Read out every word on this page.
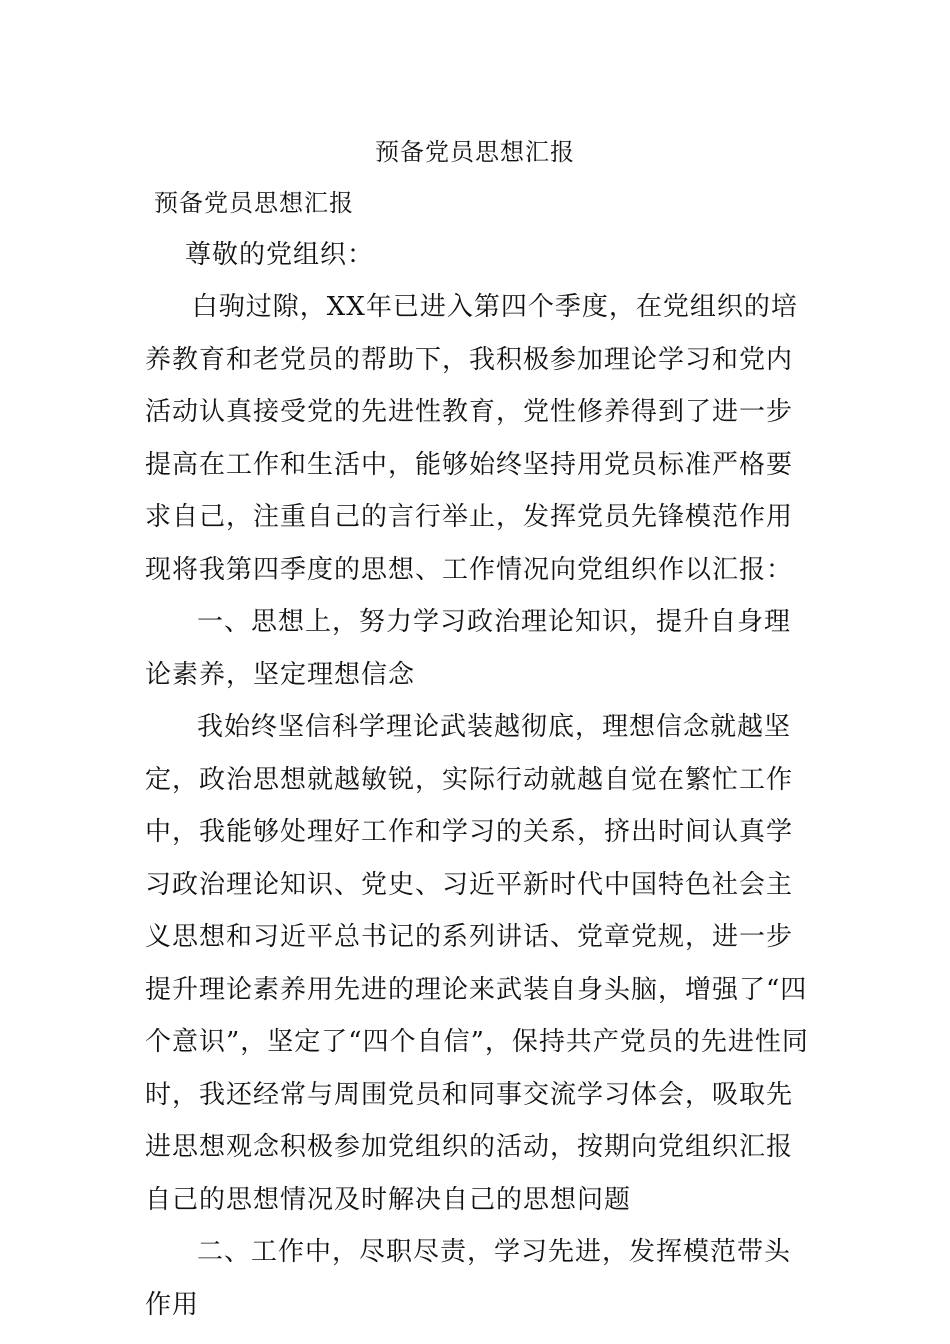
预备党员思想汇报

预备党员思想汇报

尊敬的党组织：

白驹过隙，XX年已进入第四个季度，在党组织的培养教育和老党员的帮助下，我积极参加理论学习和党内活动认真接受党的先进性教育，党性修养得到了进一步提高在工作和生活中，能够始终坚持用党员标准严格要求自己，注重自己的言行举止，发挥党员先锋模范作用现将我第四季度的思想、工作情况向党组织作以汇报：

一、思想上，努力学习政治理论知识，提升自身理论素养，坚定理想信念

我始终坚信科学理论武装越彻底，理想信念就越坚定，政治思想就越敏锐，实际行动就越自觉在繁忙工作中，我能够处理好工作和学习的关系，挤出时间认真学习政治理论知识、党史、习近平新时代中国特色社会主义思想和习近平总书记的系列讲话、党章党规，进一步提升理论素养用先进的理论来武装自身头脑，增强了“四个意识”，坚定了“四个自信”，保持共产党员的先进性同时，我还经常与周围党员和同事交流学习体会，吸取先进思想观念积极参加党组织的活动，按期向党组织汇报自己的思想情况及时解决自己的思想问题

二、工作中，尽职尽责，学习先进，发挥模范带头作用
